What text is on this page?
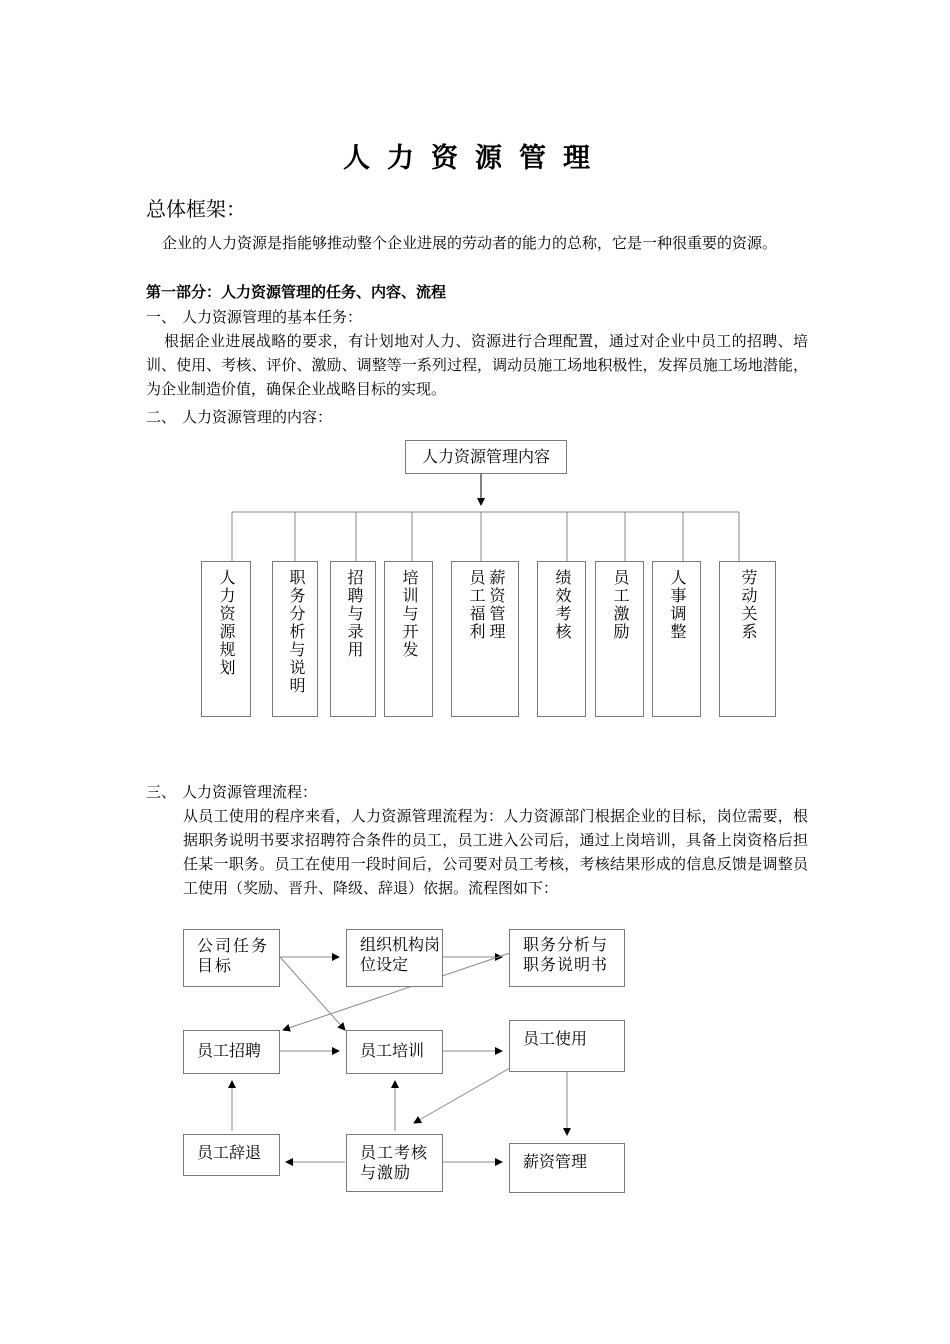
人力资源管理
总体框架：
企业的人力资源是指能够推动整个企业进展的劳动者的能力的总称，它是一种很重要的资源。
第一部分：人力资源管理的任务、内容、流程
一、 人力资源管理的基本任务：
根据企业进展战略的要求，有计划地对人力、资源进行合理配置，通过对企业中员工的招聘、培训、使用、考核、评价、激励、调整等一系列过程，调动员施工场地积极性，发挥员施工场地潜能，为企业制造价值，确保企业战略目标的实现。
二、 人力资源管理的内容：
人力资源管理内容
人力资源规划	职务分析与说明 招聘与录用 培训与开发	薪资管理员工福利	绩效考核 员工激励 人事调整	劳动关系
三、 人力资源管理流程：
从员工使用的程序来看，人力资源管理流程为：人力资源部门根据企业的目标，岗位需要，根据职务说明书要求招聘符合条件的员工，员工进入公司后，通过上岗培训，具备上岗资格后担任某一职务。员工在使用一段时间后，公司要对员工考核，考核结果形成的信息反馈是调整员工使用（奖励、晋升、降级、辞退）依据。流程图如下：
公司任务目标
组织机构岗位设定
职务分析与职务说明书
员工招聘	员工培训
员工使用
员工辞退	员工考核与激励
薪资管理
